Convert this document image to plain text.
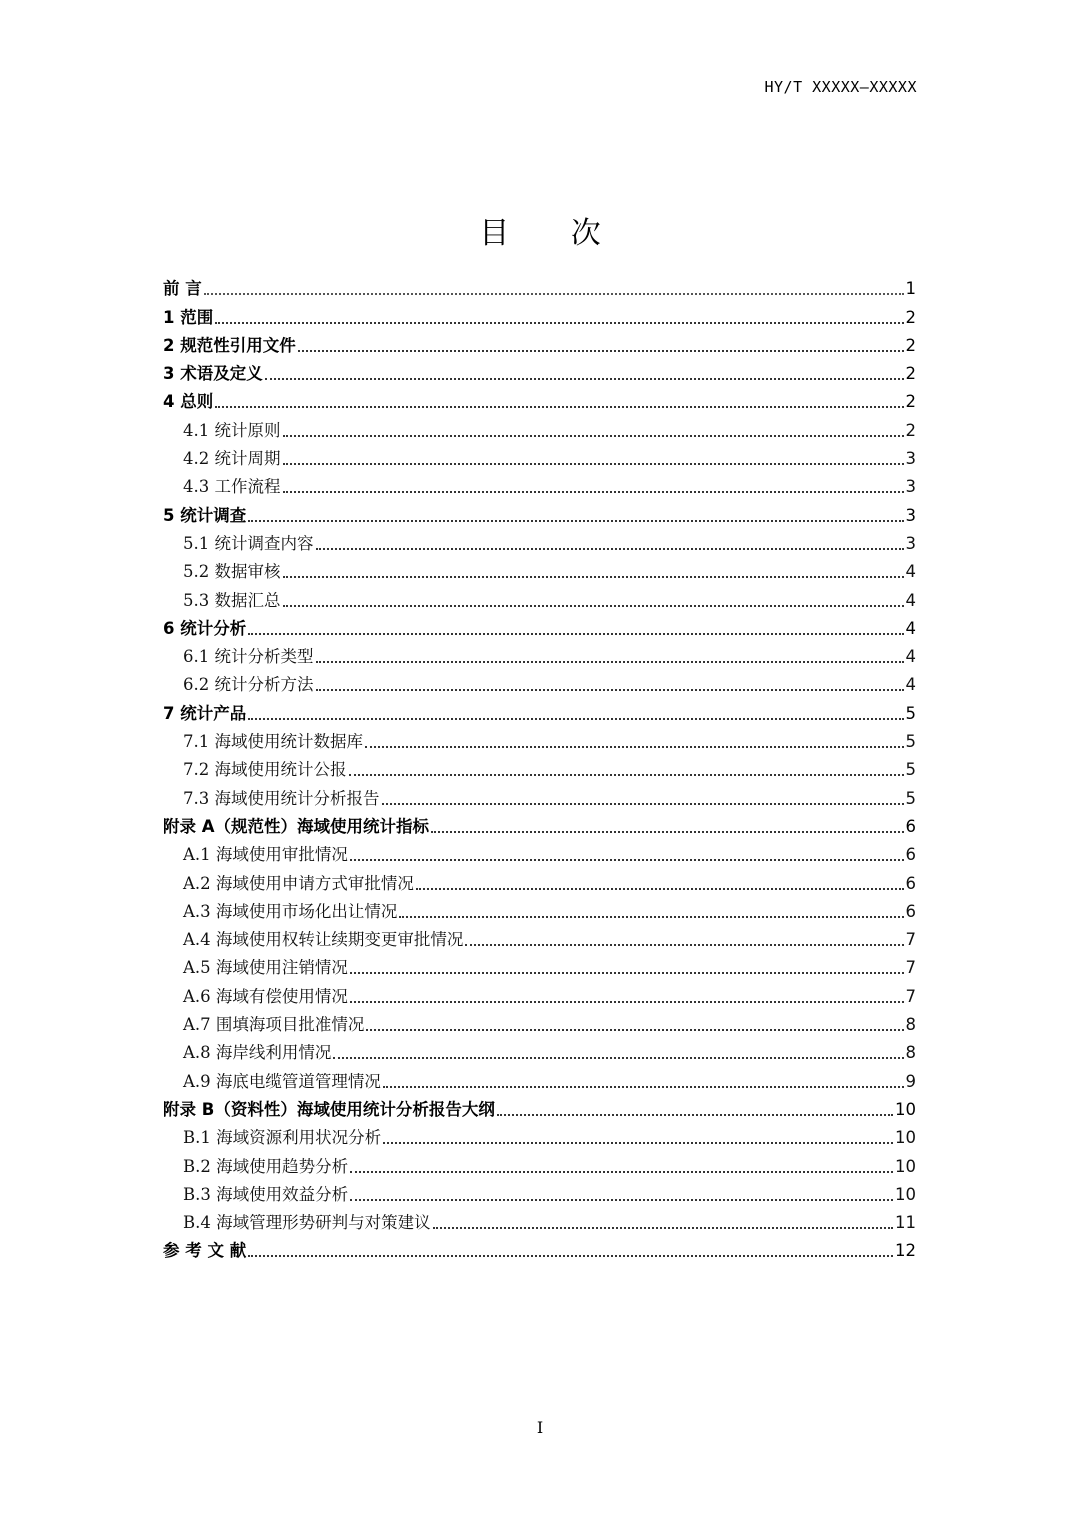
HY/T XXXXX—XXXXX
目 次
前 言	1
1 范围	2
2 规范性引用文件	2
3 术语及定义	2
4 总则	2
4.1 统计原则	2
4.2 统计周期	3
4.3 工作流程	3
5 统计调查	3
5.1 统计调查内容	3
5.2 数据审核	4
5.3 数据汇总	4
6 统计分析	4
6.1 统计分析类型	4
6.2 统计分析方法	4
7 统计产品	5
7.1 海域使用统计数据库	5
7.2 海域使用统计公报	5
7.3 海域使用统计分析报告	5
附录 A（规范性）海域使用统计指标	6
A.1 海域使用审批情况	6
A.2 海域使用申请方式审批情况	6
A.3 海域使用市场化出让情况	6
A.4 海域使用权转让续期变更审批情况	7
A.5 海域使用注销情况	7
A.6 海域有偿使用情况	7
A.7 围填海项目批准情况	8
A.8 海岸线利用情况	8
A.9 海底电缆管道管理情况	9
附录 B（资料性）海域使用统计分析报告大纲	10
B.1 海域资源利用状况分析	10
B.2 海域使用趋势分析	10
B.3 海域使用效益分析	10
B.4 海域管理形势研判与对策建议	11
参 考 文 献	12
I
